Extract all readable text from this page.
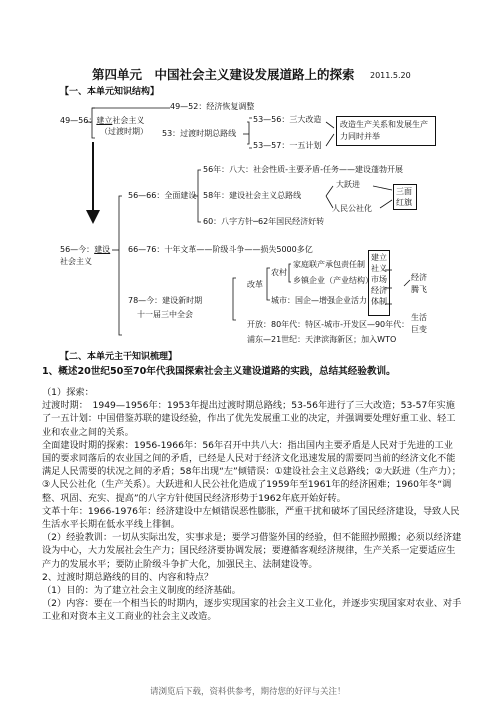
第四单元　中国社会主义建设发展道路上的探索 2011.5.20
【一、本单元知识结构】
49—52：经济恢复调整
49—56：建立社会主义
（过渡时期） 53：过渡时期总路线
53—56：三大改造
53—57：一五计划
改造生产关系和发展生产力同时并举
56年：八大：社会性质-主要矛盾-任务——建设蓬勃开展
56—66：全面建设 58年：建设社会主义总路线
大跃进
人民公社化
三面红旗
60：八字方针─62年国民经济好转
56—今：建设
社会主义
66—76：十年文革——阶级斗争——损失5000多亿
改革
农村
家庭联产承包责任制
乡镇企业（产业结构）
城市：国企—增强企业活力
78—今：建设新时期
十一届三中全会
开放：80年代：特区-城市-开发区—90年代：
浦东—21世纪：天津滨海新区；加入WTO
建立社义市场经济体制
经济腾飞
生活巨变
【二、本单元主干知识梳理】
1、概述20世纪50至70年代我国探索社会主义建设道路的实践，总结其经验教训。

（1）探索：

过渡时期：　1949—1956年：1953年提出过渡时期总路线；53-56年进行了三大改造；53-57年实施了一五计划：中国借鉴苏联的建设经验，作出了优先发展重工业的决定，并强调要处理好重工业、轻工业和农业之间的关系。

全面建设时期的探索：1956-1966年：56年召开中共八大：指出国内主要矛盾是人民对于先进的工业国的要求同落后的农业国之间的矛盾，已经是人民对于经济文化迅速发展的需要同当前的经济文化不能满足人民需要的状况之间的矛盾；58年出现“左”倾错误：①建设社会主义总路线；②大跃进（生产力）；③人民公社化（生产关系）。大跃进和人民公社化造成了1959年至1961年的经济困难；1960年冬“调整、巩固、充实、提高”的八字方针使国民经济形势于1962年底开始好转。

文革十年：1966-1976年：经济建设中左倾错误恶性膨胀，严重干扰和破坏了国民经济建设，导致人民生活水平长期在低水平线上徘徊。

（2）经验教训：一切从实际出发，实事求是；要学习借鉴外国的经验，但不能照抄照搬；必须以经济建设为中心，大力发展社会生产力；国民经济要协调发展；要遵循客观经济规律，生产关系一定要适应生产力的发展水平；要防止阶级斗争扩大化，加强民主、法制建设等。

2、过渡时期总路线的目的、内容和特点？

（1）目的：为了建立社会主义制度的经济基础。

（2）内容：要在一个相当长的时期内，逐步实现国家的社会主义工业化，并逐步实现国家对农业、对手工业和对资本主义工商业的社会主义改造。

请浏览后下载，资料供参考，期待您的好评与关注！
